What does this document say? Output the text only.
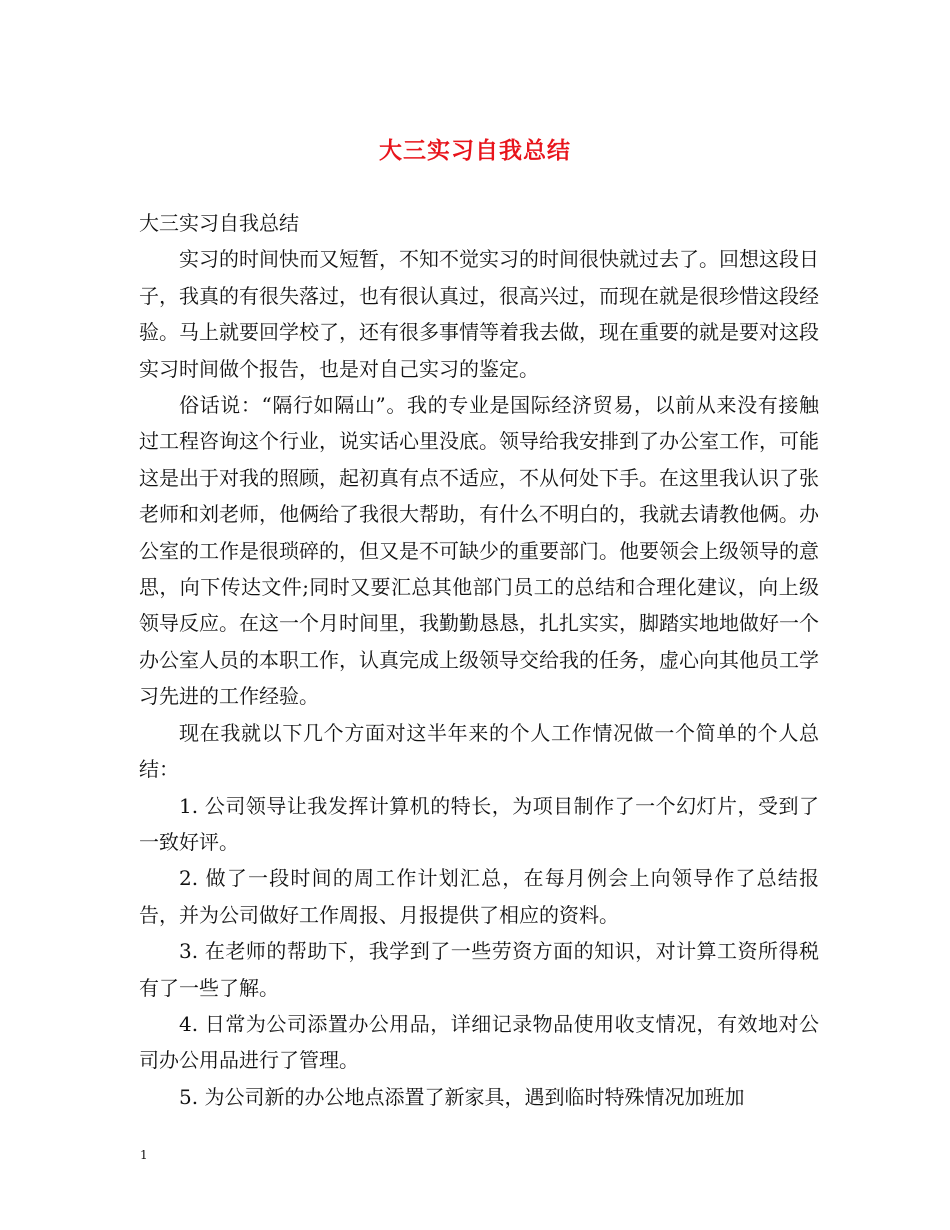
大三实习自我总结

大三实习自我总结

实习的时间快而又短暂，不知不觉实习的时间很快就过去了。回想这段日子，我真的有很失落过，也有很认真过，很高兴过，而现在就是很珍惜这段经验。马上就要回学校了，还有很多事情等着我去做，现在重要的就是要对这段实习时间做个报告，也是对自己实习的鉴定。

俗话说：“隔行如隔山”。我的专业是国际经济贸易，以前从来没有接触过工程咨询这个行业，说实话心里没底。领导给我安排到了办公室工作，可能这是出于对我的照顾，起初真有点不适应，不从何处下手。在这里我认识了张老师和刘老师，他俩给了我很大帮助，有什么不明白的，我就去请教他俩。办公室的工作是很琐碎的，但又是不可缺少的重要部门。他要领会上级领导的意思，向下传达文件;同时又要汇总其他部门员工的总结和合理化建议，向上级领导反应。在这一个月时间里，我勤勤恳恳，扎扎实实，脚踏实地地做好一个办公室人员的本职工作，认真完成上级领导交给我的任务，虚心向其他员工学习先进的工作经验。

现在我就以下几个方面对这半年来的个人工作情况做一个简单的个人总结：

1. 公司领导让我发挥计算机的特长，为项目制作了一个幻灯片，受到了一致好评。

2. 做了一段时间的周工作计划汇总，在每月例会上向领导作了总结报告，并为公司做好工作周报、月报提供了相应的资料。

3. 在老师的帮助下，我学到了一些劳资方面的知识，对计算工资所得税有了一些了解。

4. 日常为公司添置办公用品，详细记录物品使用收支情况，有效地对公司办公用品进行了管理。

5. 为公司新的办公地点添置了新家具，遇到临时特殊情况加班加

1
